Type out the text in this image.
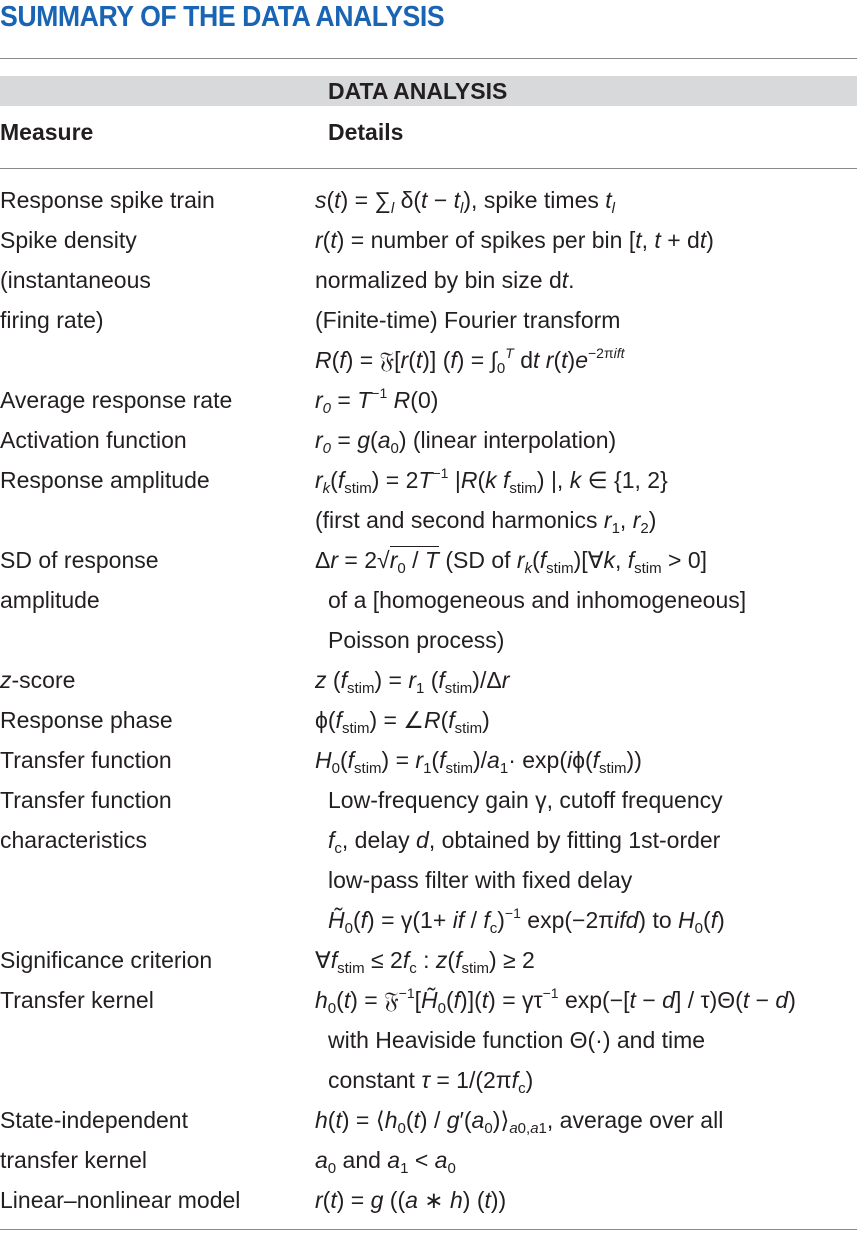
SUMMARY OF THE DATA ANALYSIS
DATA ANALYSIS
Measure	Details
Response spike train	$s(t) = \sum_l$ $\delta(t - t_l)$, spike times $t_l$
Spike density	r(t) = number of spikes per bin [t, t + dt)
(instantaneous	normalized by bin size dt.
firing rate)	(Finite-time) Fourier transform
R(f) = 𝔉[r(t)] $(f) = \int_0^T$ dt $r(t)e^{-2\pi ift}$
Average response rate	$r_0 = T^{-1}$ R(0)
Activation function	$r_0 = g(a_0)$ (linear interpolation)
Response amplitude	$r_k(f_{stim}) = 2T^{-1}$ |R(k $f_{stim}$) |, k ∈ {1, 2}
(first and second harmonics $r_1$, $r_2$)
SD of response	$\Delta r = 2√r_0 / T$ (SD of $r_k(f_{stim})[\forall k$, $f_{stim} > 0$]
amplitude	of a [homogeneous and inhomogeneous]
Poisson process)
z-score	z $(f_{stim}) = r_1$ $(f_{stim})/\Delta r$
Response phase	$\phi(f_{stim})$ = $\angle R(f_{stim})$
Transfer function	$H_0(f_{stim}) = r_1(f_{stim})/a_1\cdot \exp(i\phi(f_{stim}))$
Transfer function	Low-frequency gain γ, cutoff frequency
characteristics	$f_c$, delay d, obtained by fitting 1st-order
low-pass filter with fixed delay
$H̃_0(f) = \gamma(1+$ if / $f_c)^{-1}$ exp(−2πifd) to $H_0(f)$
Significance criterion	$\forall f_{stim} \le 2f_c$ : $z(f_{stim}) \ge 2$
Transfer kernel	$h_0(t)$ = $𝔉^{-1}[H̃_0(f)](t) = \gamma\tau^{-1}$ exp(−[t − d] / τ)Θ(t − d)
with Heaviside function Θ(·) and time
constant $\tau = 1/(2\pi f_c)$
State-independent	$h(t) = ⟨h_0(t)$ / $g'(a_0)⟩_{a0,a1}$, average over all
transfer kernel	$a_0$ and $a_1 < a_0$
Linear–nonlinear model	r(t) = g ((a ∗ h) (t))
